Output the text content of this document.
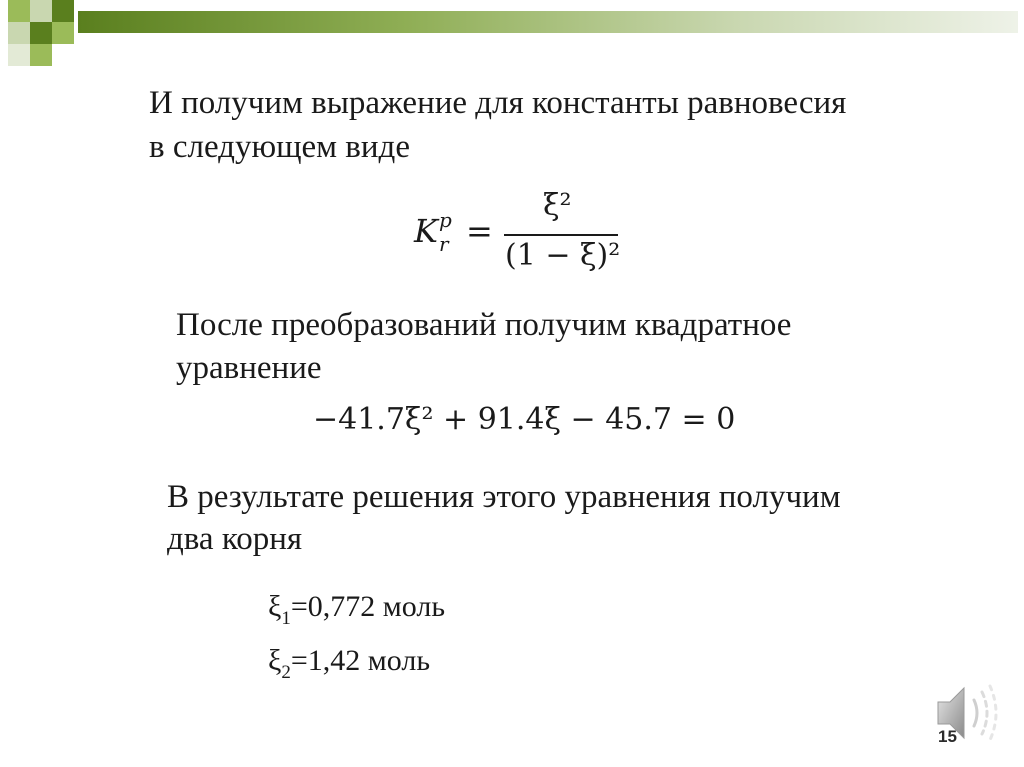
И получим выражение для константы равновесия
в следующем виде
K p
r =
ξ²
(1 − ξ)²
После преобразований получим квадратное
уравнение
−41.7ξ² + 91.4ξ − 45.7 = 0
В результате решения этого уравнения получим
два корня
$\xi_1=0,772$ моль
$\xi_2=1,42$ моль
15
